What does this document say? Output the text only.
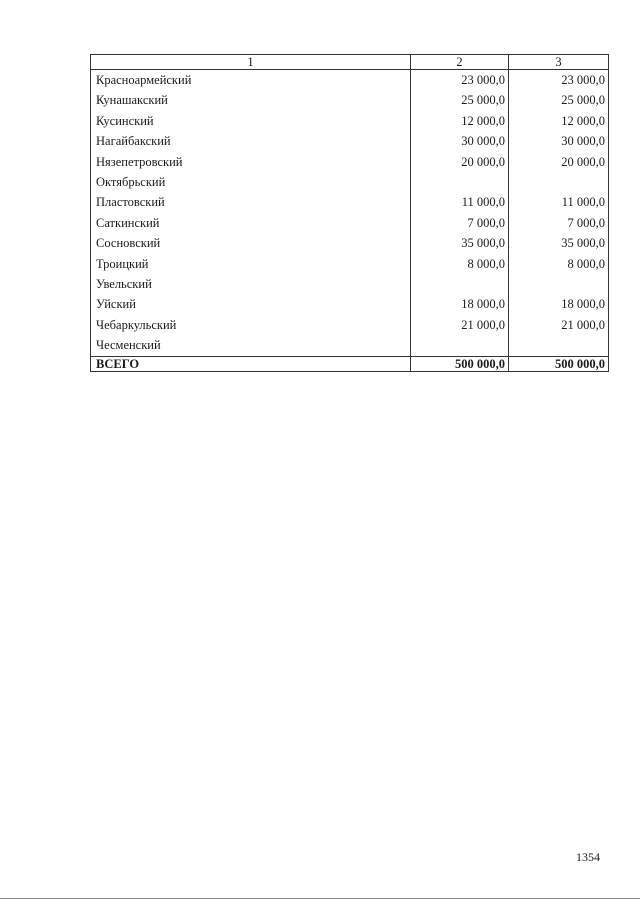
1	2	3
Красноармейский	23 000,0	23 000,0
Кунашакский	25 000,0	25 000,0
Кусинский	12 000,0	12 000,0
Нагайбакский	30 000,0	30 000,0
Нязепетровский	20 000,0	20 000,0
Октябрьский		
Пластовский	11 000,0	11 000,0
Саткинский	7 000,0	7 000,0
Сосновский	35 000,0	35 000,0
Троицкий	8 000,0	8 000,0
Увельский		
Уйский	18 000,0	18 000,0
Чебаркульский	21 000,0	21 000,0
Чесменский		
ВСЕГО	500 000,0	500 000,0
1354
